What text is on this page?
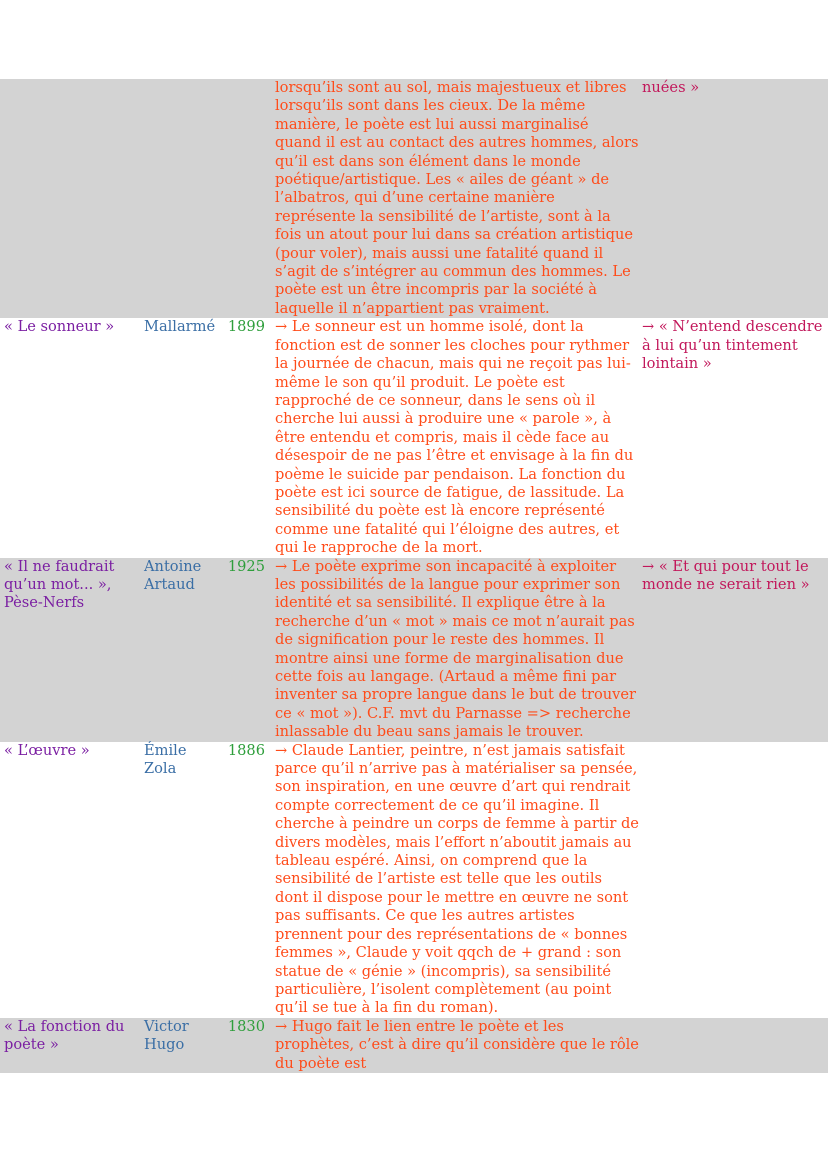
			lorsqu’ils sont au sol, mais majestueux et libres lorsqu’ils sont dans les cieux. De la même manière, le poète est lui aussi marginalisé quand il est au contact des autres hommes, alors qu’il est dans son élément dans le monde poétique/artistique. Les « ailes de géant » de l’albatros, qui d’une certaine manière représente la sensibilité de l’artiste, sont à la fois un atout pour lui dans sa création artistique (pour voler), mais aussi une fatalité quand il s’agit de s’intégrer au commun des hommes. Le poète est un être incompris par la société à laquelle il n’appartient pas vraiment.	nuées »
« Le sonneur »	Mallarmé	1899	→ Le sonneur est un homme isolé, dont la fonction est de sonner les cloches pour rythmer la journée de chacun, mais qui ne reçoit pas lui-même le son qu’il produit. Le poète est rapproché de ce sonneur, dans le sens où il cherche lui aussi à produire une « parole », à être entendu et compris, mais il cède face au désespoir de ne pas l’être et envisage à la fin du poème le suicide par pendaison. La fonction du poète est ici source de fatigue, de lassitude. La sensibilité du poète est là encore représenté comme une fatalité qui l’éloigne des autres, et qui le rapproche de la mort.	→ « N’entend descendre à lui qu’un tintement lointain »
« Il ne faudrait qu’un mot... », Pèse-Nerfs	Antoine Artaud	1925	→ Le poète exprime son incapacité à exploiter les possibilités de la langue pour exprimer son identité et sa sensibilité. Il explique être à la recherche d’un « mot » mais ce mot n’aurait pas de signification pour le reste des hommes. Il montre ainsi une forme de marginalisation due cette fois au langage. (Artaud a même fini par inventer sa propre langue dans le but de trouver ce « mot »). C.F. mvt du Parnasse => recherche inlassable du beau sans jamais le trouver.	→ « Et qui pour tout le monde ne serait rien »
« L’œuvre »	Émile Zola	1886	→ Claude Lantier, peintre, n’est jamais satisfait parce qu’il n’arrive pas à matérialiser sa pensée, son inspiration, en une œuvre d’art qui rendrait compte correctement de ce qu’il imagine. Il cherche à peindre un corps de femme à partir de divers modèles, mais l’effort n’aboutit jamais au tableau espéré. Ainsi, on comprend que la sensibilité de l’artiste est telle que les outils dont il dispose pour le mettre en œuvre ne sont pas suffisants. Ce que les autres artistes prennent pour des représentations de « bonnes femmes », Claude y voit qqch de + grand : son statue de « génie » (incompris), sa sensibilité particulière, l’isolent complètement (au point qu’il se tue à la fin du roman).	
« La fonction du poète »	Victor Hugo	1830	→ Hugo fait le lien entre le poète et les prophètes, c’est à dire qu’il considère que le rôle du poète est	
